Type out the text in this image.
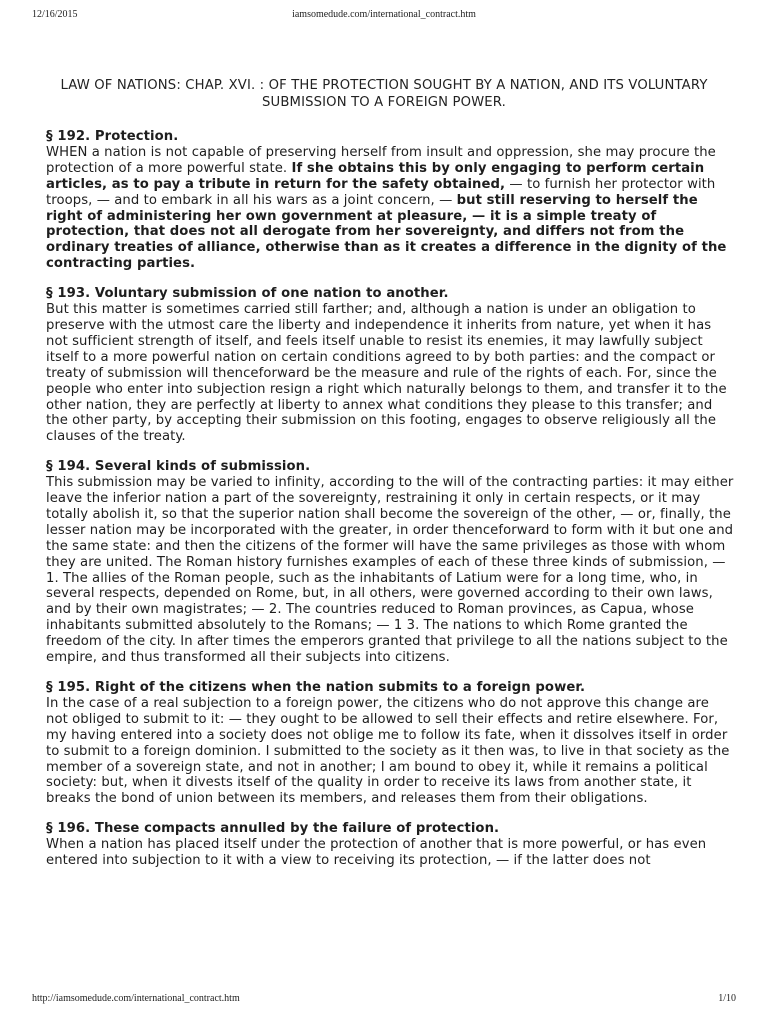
12/16/2015	iamsomedude.com/international_contract.htm
LAW OF NATIONS: CHAP. XVI. : OF THE PROTECTION SOUGHT BY A NATION, AND ITS VOLUNTARY SUBMISSION TO A FOREIGN POWER.

§ 192. Protection.

WHEN a nation is not capable of preserving herself from insult and oppression, she may procure the protection of a more powerful state. If she obtains this by only engaging to perform certain articles, as to pay a tribute in return for the safety obtained, — to furnish her protector with troops, — and to embark in all his wars as a joint concern, — but still reserving to herself the right of administering her own government at pleasure, — it is a simple treaty of protection, that does not all derogate from her sovereignty, and differs not from the ordinary treaties of alliance, otherwise than as it creates a difference in the dignity of the contracting parties.

§ 193. Voluntary submission of one nation to another.

But this matter is sometimes carried still farther; and, although a nation is under an obligation to preserve with the utmost care the liberty and independence it inherits from nature, yet when it has not sufficient strength of itself, and feels itself unable to resist its enemies, it may lawfully subject itself to a more powerful nation on certain conditions agreed to by both parties: and the compact or treaty of submission will thenceforward be the measure and rule of the rights of each. For, since the people who enter into subjection resign a right which naturally belongs to them, and transfer it to the other nation, they are perfectly at liberty to annex what conditions they please to this transfer; and the other party, by accepting their submission on this footing, engages to observe religiously all the clauses of the treaty.

§ 194. Several kinds of submission.

This submission may be varied to infinity, according to the will of the contracting parties: it may either leave the inferior nation a part of the sovereignty, restraining it only in certain respects, or it may totally abolish it, so that the superior nation shall become the sovereign of the other, — or, finally, the lesser nation may be incorporated with the greater, in order thenceforward to form with it but one and the same state: and then the citizens of the former will have the same privileges as those with whom they are united. The Roman history furnishes examples of each of these three kinds of submission, — 1. The allies of the Roman people, such as the inhabitants of Latium were for a long time, who, in several respects, depended on Rome, but, in all others, were governed according to their own laws, and by their own magistrates; — 2. The countries reduced to Roman provinces, as Capua, whose inhabitants submitted absolutely to the Romans; — 1 3. The nations to which Rome granted the freedom of the city. In after times the emperors granted that privilege to all the nations subject to the empire, and thus transformed all their subjects into citizens.

§ 195. Right of the citizens when the nation submits to a foreign power.

In the case of a real subjection to a foreign power, the citizens who do not approve this change are not obliged to submit to it: — they ought to be allowed to sell their effects and retire elsewhere. For, my having entered into a society does not oblige me to follow its fate, when it dissolves itself in order to submit to a foreign dominion. I submitted to the society as it then was, to live in that society as the member of a sovereign state, and not in another; I am bound to obey it, while it remains a political society: but, when it divests itself of the quality in order to receive its laws from another state, it breaks the bond of union between its members, and releases them from their obligations.

§ 196. These compacts annulled by the failure of protection.

When a nation has placed itself under the protection of another that is more powerful, or has even entered into subjection to it with a view to receiving its protection, — if the latter does not

http://iamsomedude.com/international_contract.htm	1/10
